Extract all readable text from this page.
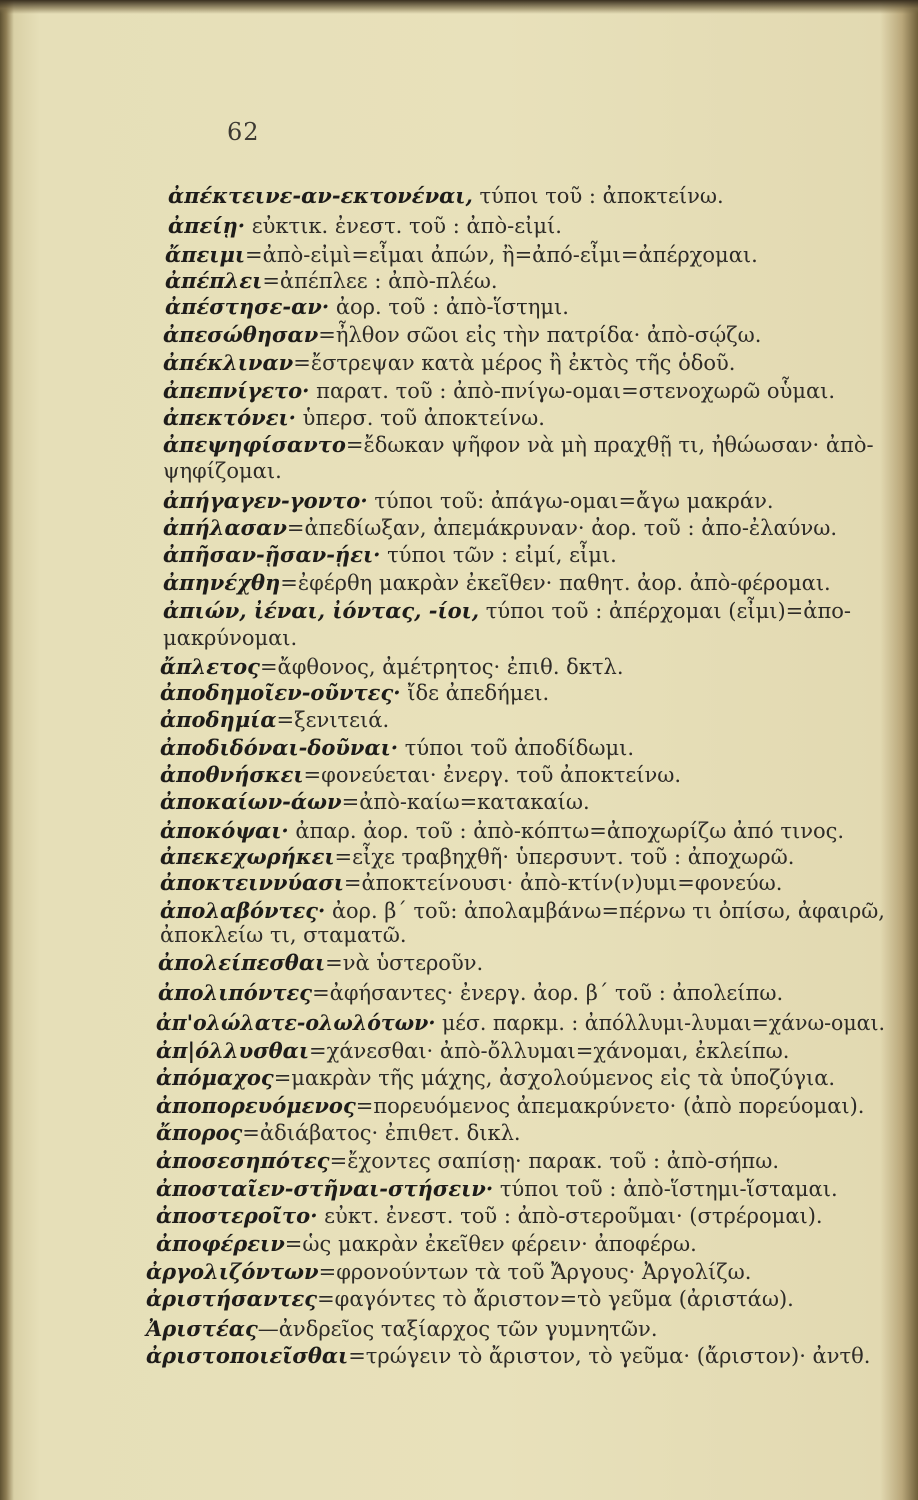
62
ἀπέκτεινε-αν-εκτονέναι, τύποι τοῦ : ἀποκτείνω.
ἀπείῃ· εὐκτικ. ἐνεστ. τοῦ : ἀπὸ-εἰμί.
ἄπειμι=ἀπὸ-εἰμὶ=εἶμαι ἀπών, ἢ=ἀπό-εἶμι=ἀπέρχομαι.
ἀπέπλει=ἀπέπλεε : ἀπὸ-πλέω.
ἀπέστησε-αν· ἀορ. τοῦ : ἀπὸ-ἵστημι.
ἀπεσώθησαν=ἦλθον σῶοι εἰς τὴν πατρίδα· ἀπὸ-σῴζω.
ἀπέκλιναν=ἔστρεψαν κατὰ μέρος ἢ ἐκτὸς τῆς ὁδοῦ.
ἀπεπνίγετο· παρατ. τοῦ : ἀπὸ-πνίγω-ομαι=στενοχωρῶ οὗμαι.
ἀπεκτόνει· ὑπερσ. τοῦ ἀποκτείνω.
ἀπεψηφίσαντο=ἔδωκαν ψῆφον νὰ μὴ πραχθῇ τι, ἠθώωσαν· ἀπὸ-
ψηφίζομαι.
ἀπήγαγεν-γοντο· τύποι τοῦ: ἀπάγω-ομαι=ἄγω μακράν.
ἀπήλασαν=ἀπεδίωξαν, ἀπεμάκρυναν· ἀορ. τοῦ : ἀπο-ἐλαύνω.
ἀπῆσαν-ῇσαν-ῄει· τύποι τῶν : εἰμί, εἶμι.
ἀπηνέχθη=ἐφέρθη μακρὰν ἐκεῖθεν· παθητ. ἀορ. ἀπὸ-φέρομαι.
ἀπιών, ἰέναι, ἰόντας, -ίοι, τύποι τοῦ : ἀπέρχομαι (εἶμι)=ἀπο-
μακρύνομαι.
ἄπλετος=ἄφθονος, ἀμέτρητος· ἐπιθ. δκτλ.
ἀποδημοῖεν-οῦντες· ἴδε ἀπεδήμει.
ἀποδημία=ξενιτειά.
ἀποδιδόναι-δοῦναι· τύποι τοῦ ἀποδίδωμι.
ἀποθνήσκει=φονεύεται· ἐνεργ. τοῦ ἀποκτείνω.
ἀποκαίων-άων=ἀπὸ-καίω=κατακαίω.
ἀποκόψαι· ἀπαρ. ἀορ. τοῦ : ἀπὸ-κόπτω=ἀποχωρίζω ἀπό τινος.
ἀπεκεχωρήκει=εἶχε τραβηχθῆ· ὑπερσυντ. τοῦ : ἀποχωρῶ.
ἀποκτειννύασι=ἀποκτείνουσι· ἀπὸ-κτίν(ν)υμι=φονεύω.
ἀπολαβόντες· ἀορ. β΄ τοῦ: ἀπολαμβάνω=πέρνω τι ὀπίσω, ἀφαιρῶ,
ἀποκλείω τι, σταματῶ.
ἀπολείπεσθαι=νὰ ὑστεροῦν.
ἀπολιπόντες=ἀφήσαντες· ἐνεργ. ἀορ. β΄ τοῦ : ἀπολείπω.
ἀπ'ολώλατε-ολωλότων· μέσ. παρκμ. : ἀπόλλυμι-λυμαι=χάνω-ομαι.
ἀπ|όλλυσθαι=χάνεσθαι· ἀπὸ-ὄλλυμαι=χάνομαι, ἐκλείπω.
ἀπόμαχος=μακρὰν τῆς μάχης, ἀσχολούμενος εἰς τὰ ὑποζύγια.
ἀποπορευόμενος=πορευόμενος ἀπεμακρύνετο· (ἀπὸ πορεύομαι).
ἄπορος=ἀδιάβατος· ἐπιθετ. δικλ.
ἀποσεσηπότες=ἔχοντες σαπίσῃ· παρακ. τοῦ : ἀπὸ-σήπω.
ἀποσταῖεν-στῆναι-στήσειν· τύποι τοῦ : ἀπὸ-ἵστημι-ἵσταμαι.
ἀποστεροῖτο· εὐκτ. ἐνεστ. τοῦ : ἀπὸ-στεροῦμαι· (στρέρομαι).
ἀποφέρειν=ὡς μακρὰν ἐκεῖθεν φέρειν· ἀποφέρω.
ἀργολιζόντων=φρονούντων τὰ τοῦ Ἄργους· Ἀργολίζω.
ἀριστήσαντες=φαγόντες τὸ ἄριστον=τὸ γεῦμα (ἀριστάω).
Ἀριστέας—ἀνδρεῖος ταξίαρχος τῶν γυμνητῶν.
ἀριστοποιεῖσθαι=τρώγειν τὸ ἄριστον, τὸ γεῦμα· (ἄριστον)· ἀντθ.
